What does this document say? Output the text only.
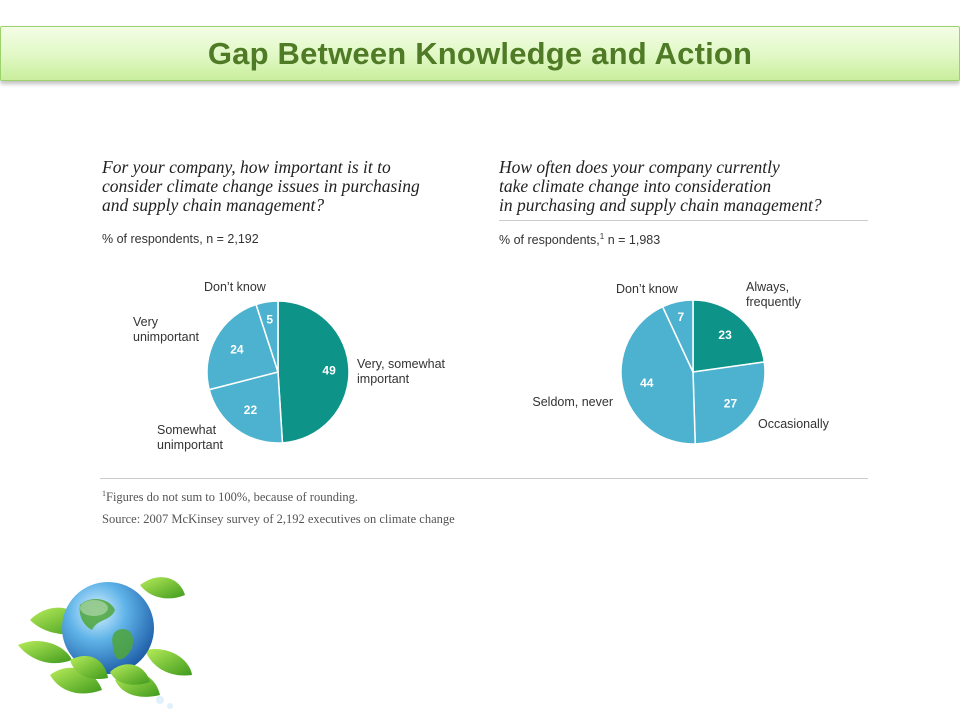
Gap Between Knowledge and Action
For your company, how important is it to
consider climate change issues in purchasing
and supply chain management?
% of respondents, n = 2,192
How often does your company currently
take climate change into consideration
in purchasing and supply chain management?
% of respondents,$^1$ n = 1,983
49
22
24
5
Very, somewhat important
Somewhat unimportant
Very unimportant
Don’t know
23
27
44
7
Always, frequently
Occasionally
Seldom, never
Don’t know
$^1$Figures do not sum to 100%, because of rounding.
Source: 2007 McKinsey survey of 2,192 executives on climate change
